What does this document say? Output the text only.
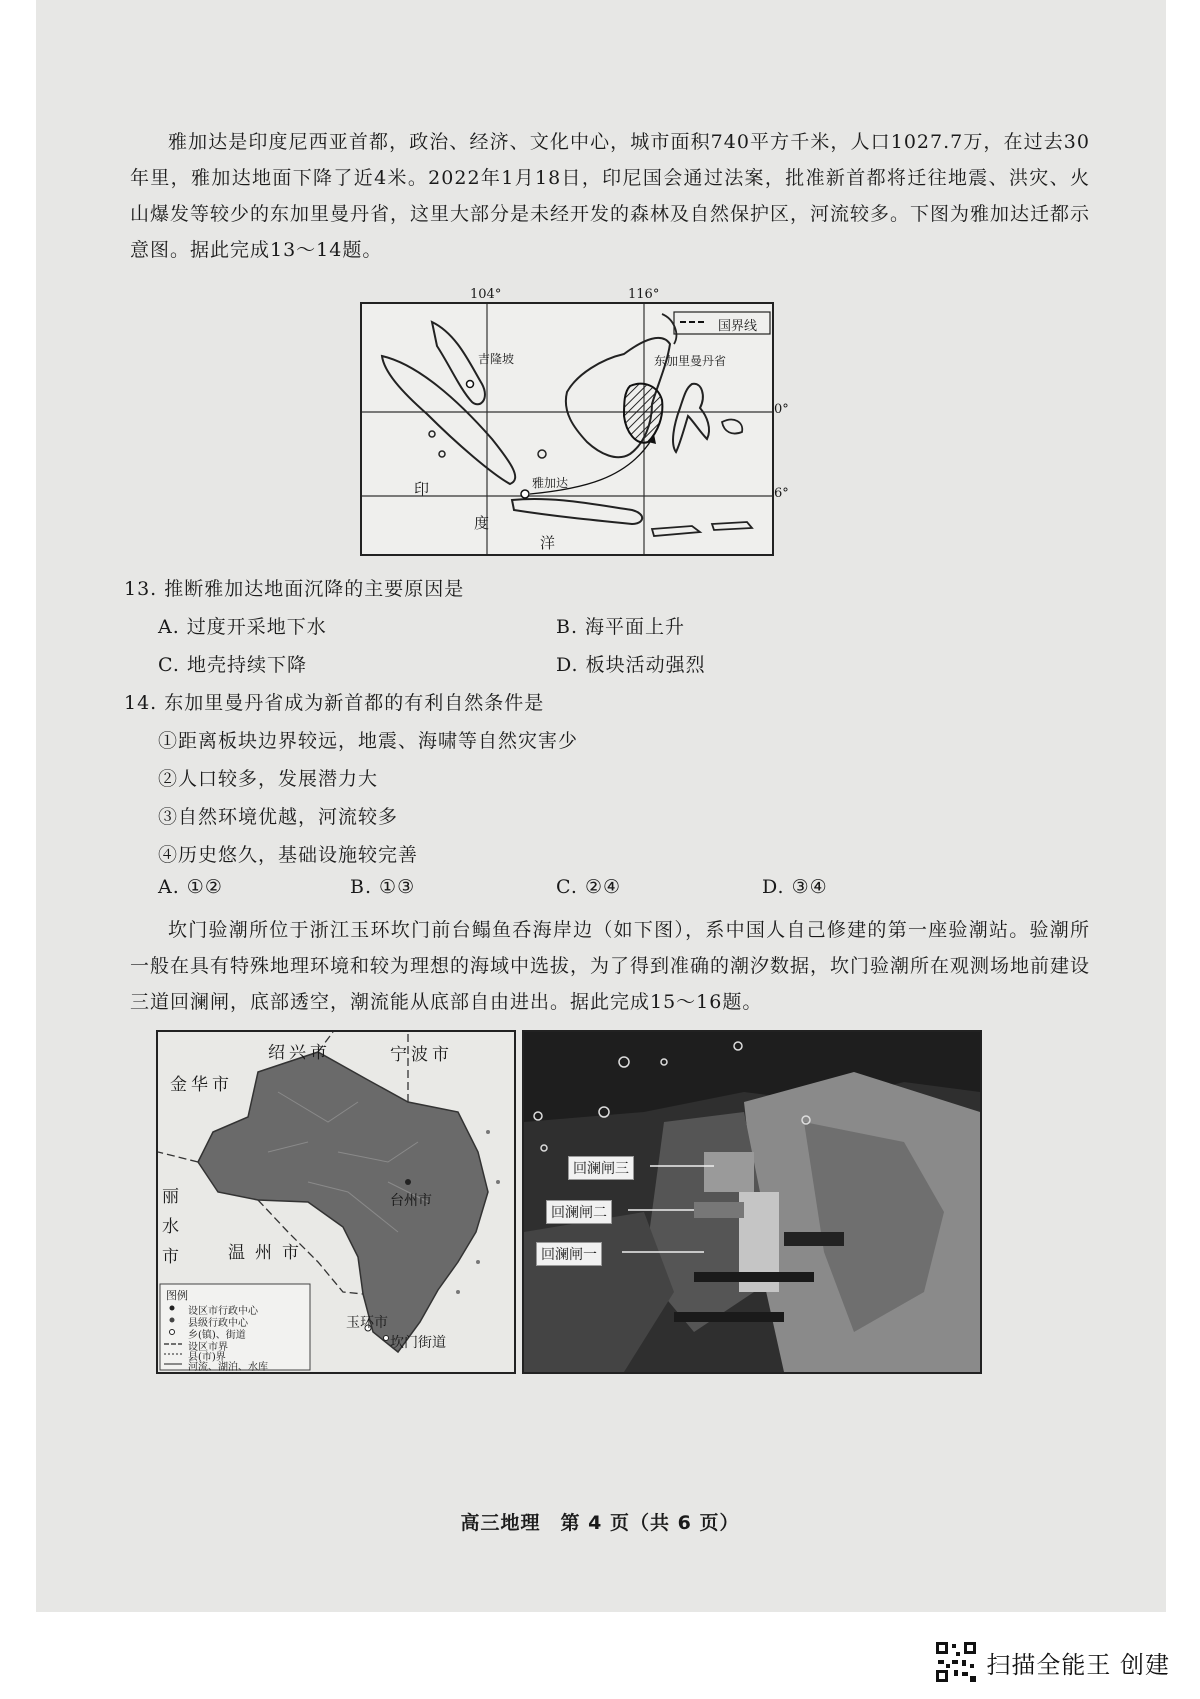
雅加达是印度尼西亚首都，政治、经济、文化中心，城市面积740平方千米，人口1027.7万，在过去30年里，雅加达地面下降了近4米。2022年1月18日，印尼国会通过法案，批准新首都将迁往地震、洪灾、火山爆发等较少的东加里曼丹省，这里大部分是未经开发的森林及自然保护区，河流较多。下图为雅加达迁都示意图。据此完成13～14题。

国界线
吉隆坡	东加里曼丹省
雅加达
印
度
洋
104°	116°
0°
6°
13. 推断雅加达地面沉降的主要原因是
A. 过度开采地下水	B. 海平面上升
C. 地壳持续下降	D. 板块活动强烈
14. 东加里曼丹省成为新首都的有利自然条件是
①距离板块边界较远，地震、海啸等自然灾害少
②人口较多，发展潜力大
③自然环境优越，河流较多
④历史悠久，基础设施较完善
A. ①②	B. ①③	C. ②④	D. ③④

坎门验潮所位于浙江玉环坎门前台鳎鱼呑海岸边（如下图），系中国人自己修建的第一座验潮站。验潮所一般在具有特殊地理环境和较为理想的海域中选拔，为了得到准确的潮汐数据，坎门验潮所在观测场地前建设三道回澜闸，底部透空，潮流能从底部自由进出。据此完成15～16题。

绍兴市	宁波市
金华市
丽水市	温州市
台州市
玉环市
坎门街道
图例
设区市行政中心
县级行政中心
乡(镇)、街道
设区市界
县(市)界
河流、湖泊、水库
回澜闸三
回澜闸二
回澜闸一
高三地理　第 4 页（共 6 页）
扫描全能王 创建
